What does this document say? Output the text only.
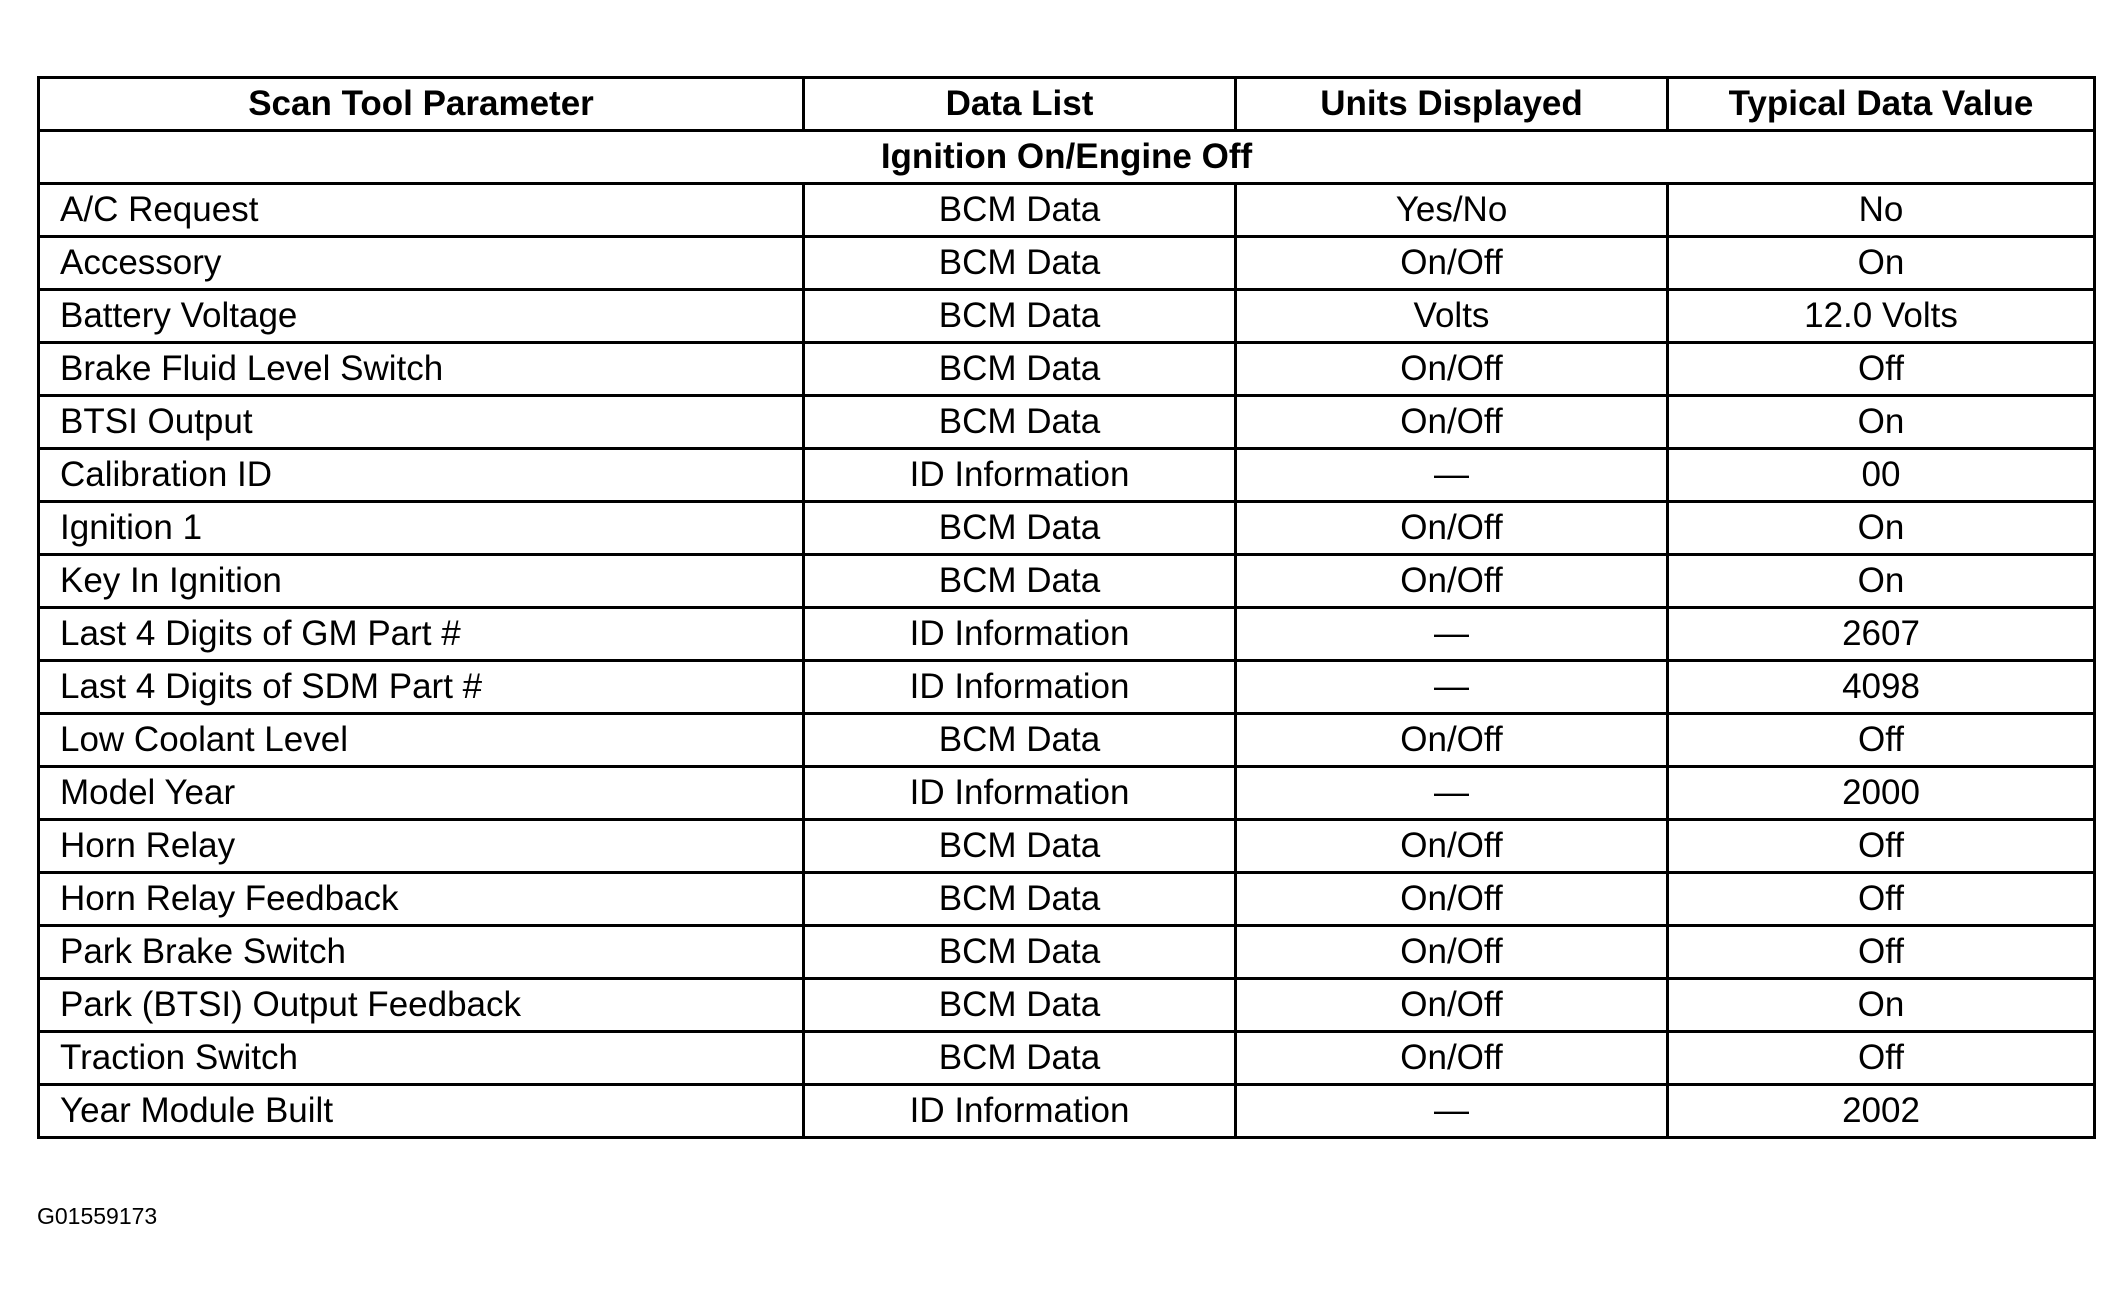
Scan Tool Parameter	Data List	Units Displayed	Typical Data Value
Ignition On/Engine Off			
A/C Request	BCM Data	Yes/No	No
Accessory	BCM Data	On/Off	On
Battery Voltage	BCM Data	Volts	12.0 Volts
Brake Fluid Level Switch	BCM Data	On/Off	Off
BTSI Output	BCM Data	On/Off	On
Calibration ID	ID Information	—	00
Ignition 1	BCM Data	On/Off	On
Key In Ignition	BCM Data	On/Off	On
Last 4 Digits of GM Part #	ID Information	—	2607
Last 4 Digits of SDM Part #	ID Information	—	4098
Low Coolant Level	BCM Data	On/Off	Off
Model Year	ID Information	—	2000
Horn Relay	BCM Data	On/Off	Off
Horn Relay Feedback	BCM Data	On/Off	Off
Park Brake Switch	BCM Data	On/Off	Off
Park (BTSI) Output Feedback	BCM Data	On/Off	On
Traction Switch	BCM Data	On/Off	Off
Year Module Built	ID Information	—	2002
G01559173
